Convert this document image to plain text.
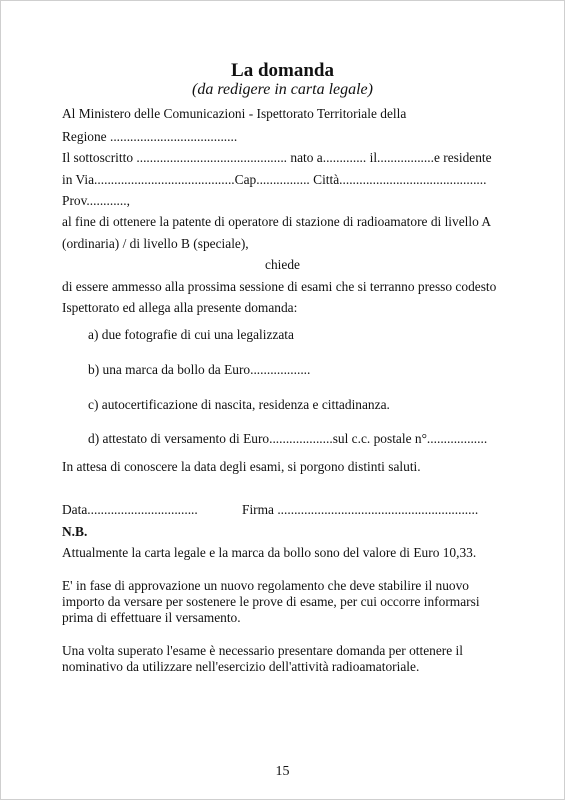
La domanda
(da redigere in carta legale)
Al Ministero delle Comunicazioni - Ispettorato Territoriale della
Regione ......................................
Il sottoscritto ............................................. nato a............. il.................e residente
in Via..........................................Cap................ Città............................................
Prov............,
al fine di ottenere la patente di operatore di stazione di radioamatore di livello A
(ordinaria) / di livello B (speciale),
chiede
di essere ammesso alla prossima sessione di esami che si terranno presso codesto
Ispettorato ed allega alla presente domanda:
a) due fotografie di cui una legalizzata
b) una marca da bollo da Euro..................
c) autocertificazione di nascita, residenza e cittadinanza.
d) attestato di versamento di Euro...................sul c.c. postale n°..................
In attesa di conoscere la data degli esami, si porgono distinti saluti.
Data.................................	Firma ............................................................
N.B.
Attualmente la carta legale e la marca da bollo sono del valore di Euro 10,33.
E' in fase di approvazione un nuovo regolamento che deve stabilire il nuovo
importo da versare per sostenere le prove di esame, per cui occorre informarsi
prima di effettuare il versamento.
Una volta superato l'esame è necessario presentare domanda per ottenere il
nominativo da utilizzare nell'esercizio dell'attività radioamatoriale.
15
